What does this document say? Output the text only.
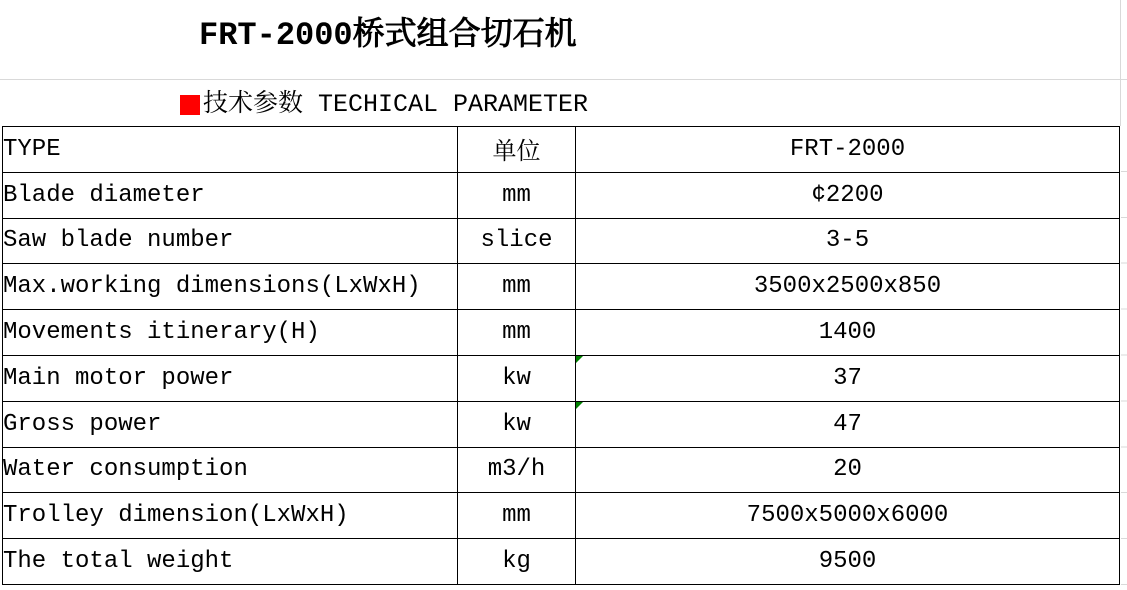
FRT-2000桥式组合切石机
技术参数 TECHICAL PARAMETER
TYPE	单位	FRT-2000
Blade diameter	mm	¢2200
Saw blade number	slice	3-5
Max.working dimensions(LxWxH)	mm	3500x2500x850
Movements itinerary(H)	mm	1400
Main motor power	kw	37
Gross power	kw	47
Water consumption	m3/h	20
Trolley dimension(LxWxH)	mm	7500x5000x6000
The total weight	kg	9500
